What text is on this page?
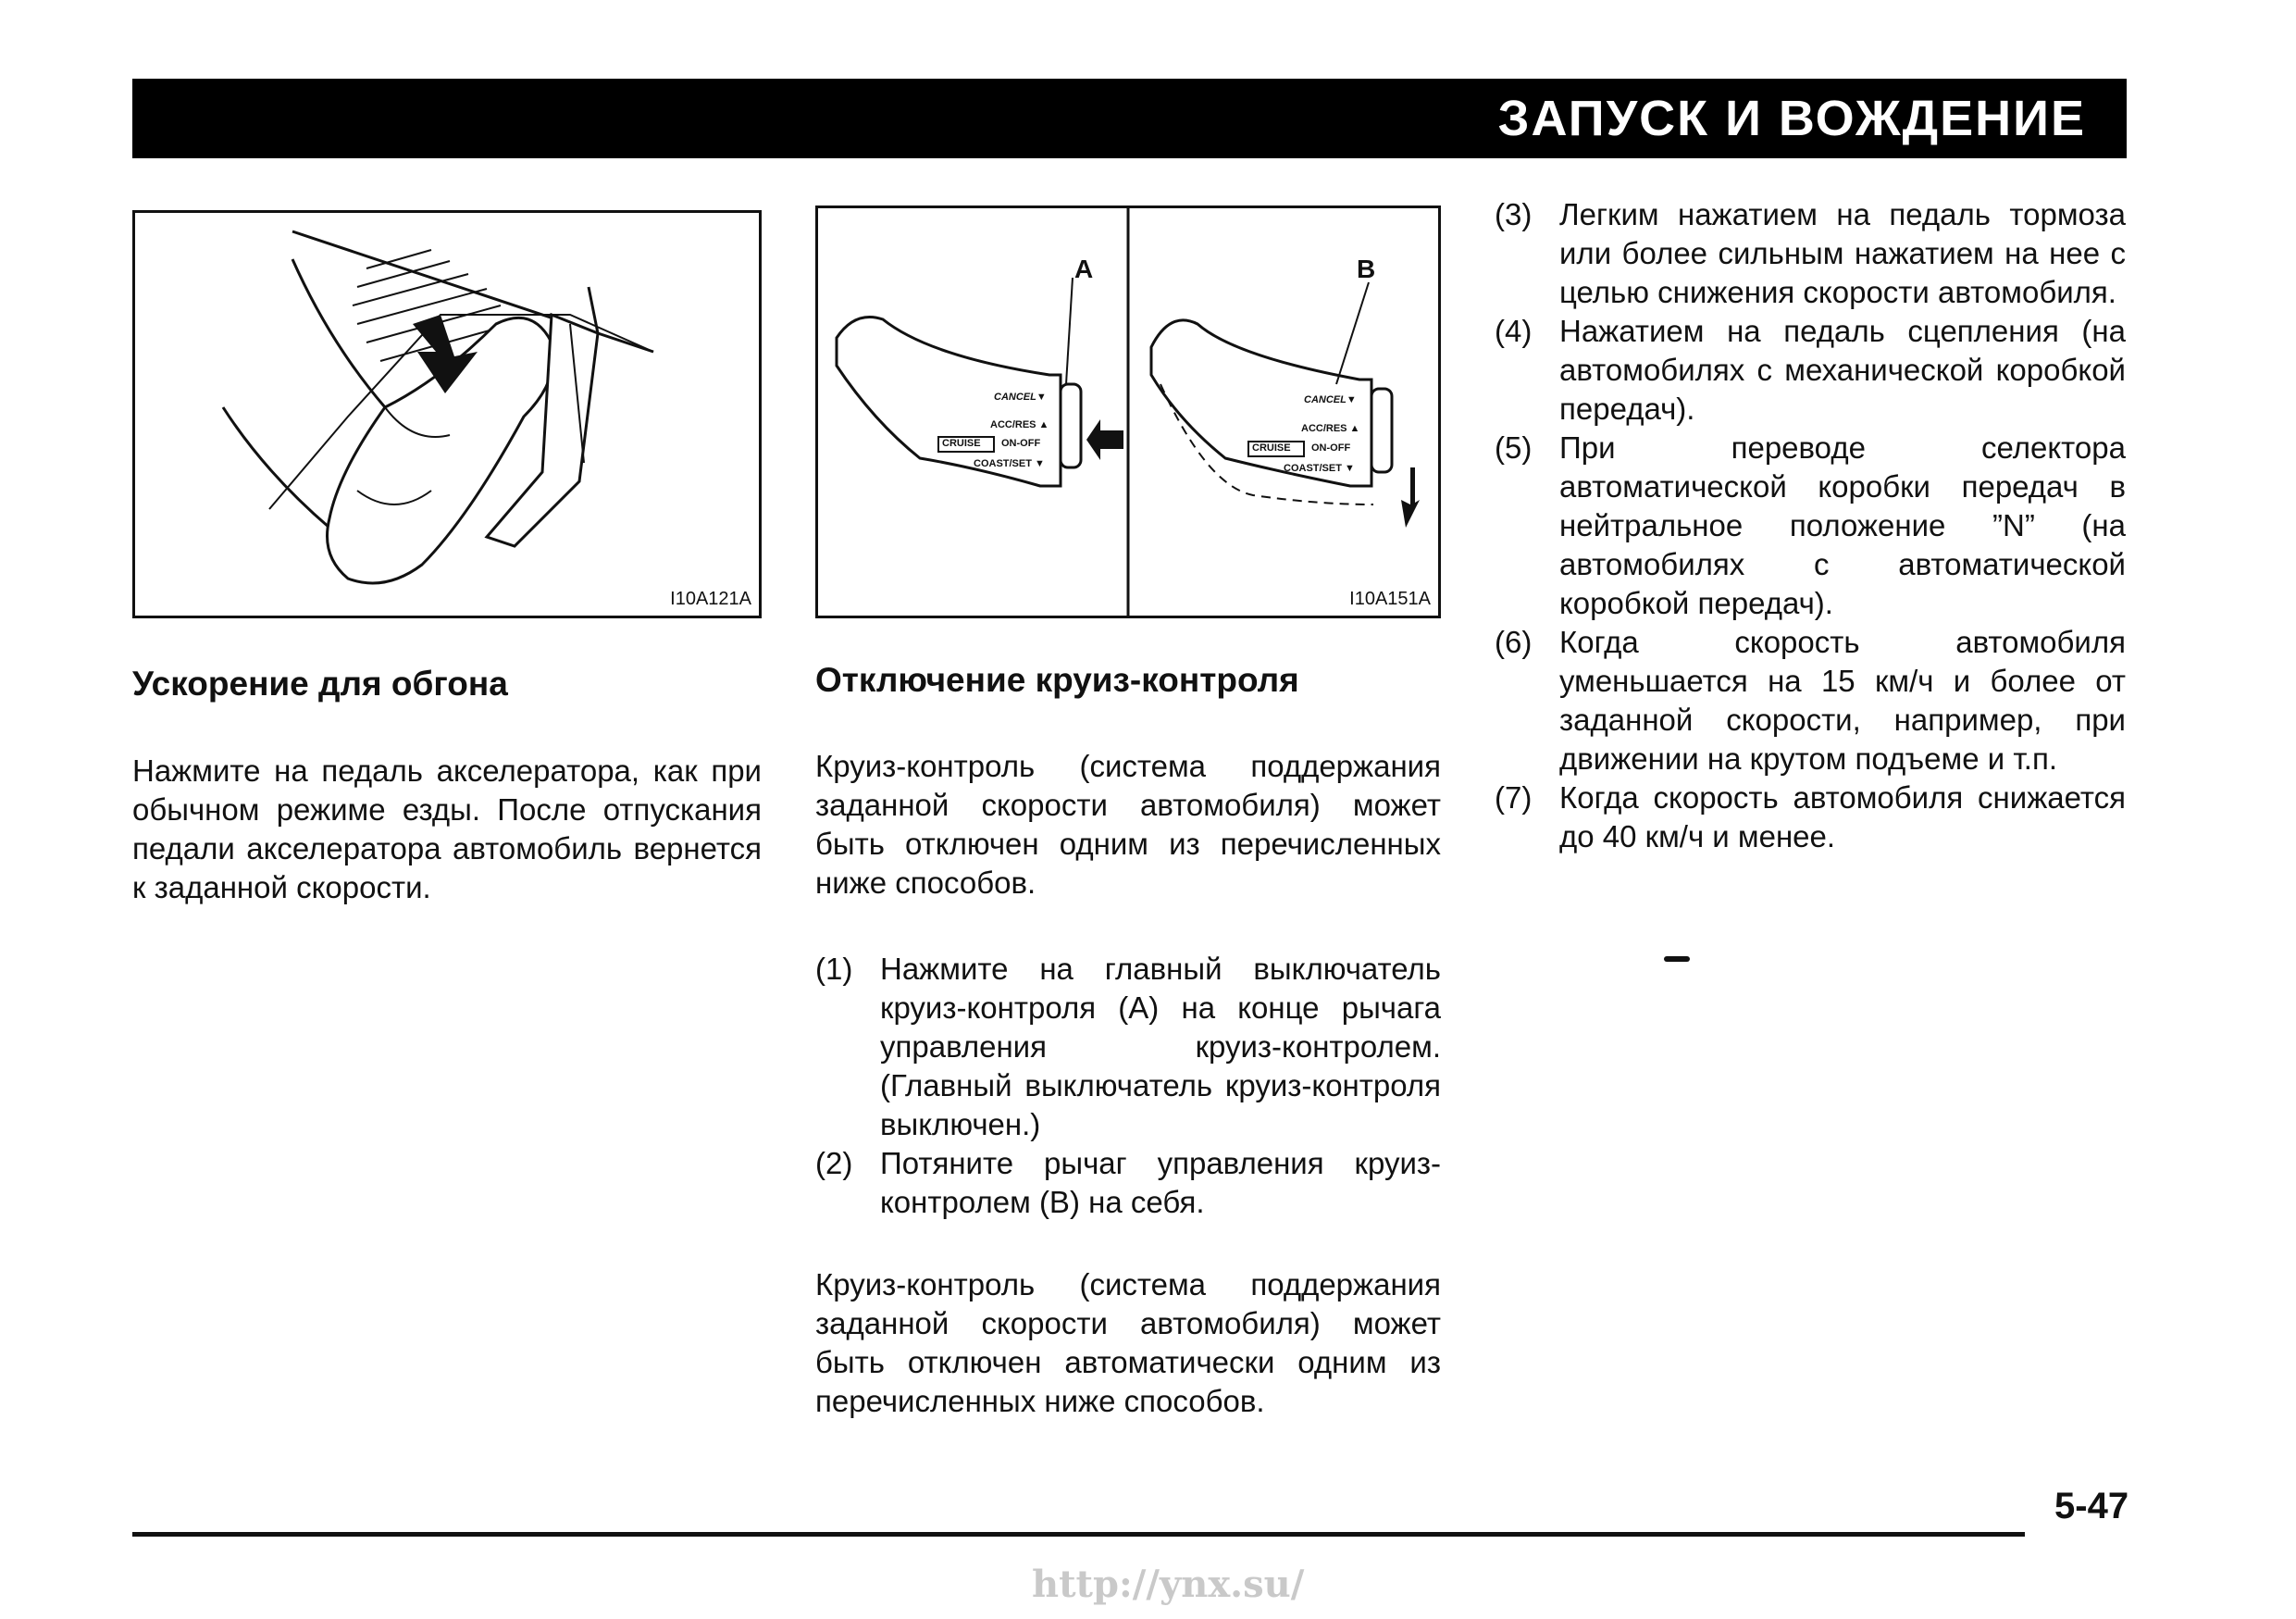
ЗАПУСК И ВОЖДЕНИЕ
I10A121A
A	B
CANCEL▼
ACC/RES ▲
CRUISE ON-OFF
COAST/SET ▼
CANCEL▼
ACC/RES ▲
CRUISE ON-OFF
COAST/SET ▼
I10A151A
Ускорение для обгона

Нажмите на педаль акселератора, как при обычном режиме езды. После отпускания педали акселератора автомобиль вернется к заданной скорости.

Отключение круиз-контроля

Круиз-контроль (система поддержания заданной скорости автомобиля) может быть отключен одним из перечисленных ниже способов.

(1) Нажмите на главный выключатель круиз-контроля (A) на конце рычага управления круиз-контролем. (Главный выключатель круиз-контроля выключен.)
(2) Потяните рычаг управления круиз-контролем (B) на себя.

Круиз-контроль (система поддержания заданной скорости автомобиля) может быть отключен автоматически одним из перечисленных ниже способов.

(3) Легким нажатием на педаль тормоза или более сильным нажатием на нее с целью снижения скорости автомобиля.
(4) Нажатием на педаль сцепления (на автомобилях с механической коробкой передач).
(5) При переводе селектора автоматической коробки передач в нейтральное положение ”N” (на автомобилях с автоматической коробкой передач).
(6) Когда скорость автомобиля уменьшается на 15 км/ч и более от заданной скорости, например, при движении на крутом подъеме и т.п.
(7) Когда скорость автомобиля снижается до 40 км/ч и менее.
5-47
http://ynx.su/
